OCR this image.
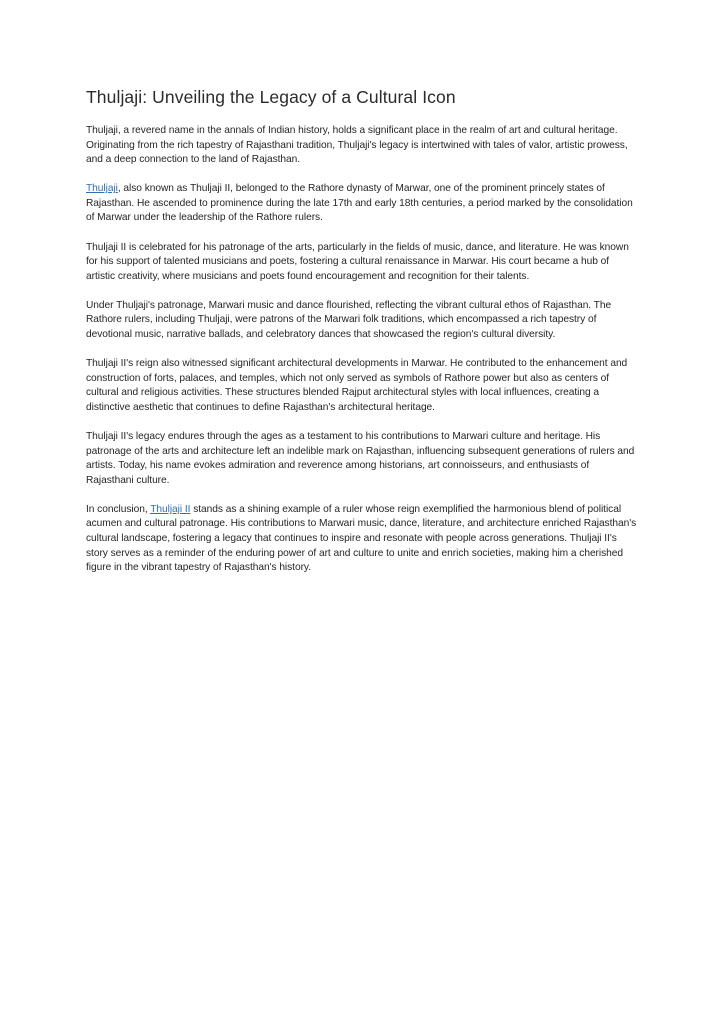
Thuljaji: Unveiling the Legacy of a Cultural Icon

Thuljaji, a revered name in the annals of Indian history, holds a significant place in the realm of art and cultural heritage. Originating from the rich tapestry of Rajasthani tradition, Thuljaji's legacy is intertwined with tales of valor, artistic prowess, and a deep connection to the land of Rajasthan.

Thuljaji, also known as Thuljaji II, belonged to the Rathore dynasty of Marwar, one of the prominent princely states of Rajasthan. He ascended to prominence during the late 17th and early 18th centuries, a period marked by the consolidation of Marwar under the leadership of the Rathore rulers.

Thuljaji II is celebrated for his patronage of the arts, particularly in the fields of music, dance, and literature. He was known for his support of talented musicians and poets, fostering a cultural renaissance in Marwar. His court became a hub of artistic creativity, where musicians and poets found encouragement and recognition for their talents.

Under Thuljaji's patronage, Marwari music and dance flourished, reflecting the vibrant cultural ethos of Rajasthan. The Rathore rulers, including Thuljaji, were patrons of the Marwari folk traditions, which encompassed a rich tapestry of devotional music, narrative ballads, and celebratory dances that showcased the region's cultural diversity.

Thuljaji II's reign also witnessed significant architectural developments in Marwar. He contributed to the enhancement and construction of forts, palaces, and temples, which not only served as symbols of Rathore power but also as centers of cultural and religious activities. These structures blended Rajput architectural styles with local influences, creating a distinctive aesthetic that continues to define Rajasthan's architectural heritage.

Thuljaji II's legacy endures through the ages as a testament to his contributions to Marwari culture and heritage. His patronage of the arts and architecture left an indelible mark on Rajasthan, influencing subsequent generations of rulers and artists. Today, his name evokes admiration and reverence among historians, art connoisseurs, and enthusiasts of Rajasthani culture.

In conclusion, Thuljaji II stands as a shining example of a ruler whose reign exemplified the harmonious blend of political acumen and cultural patronage. His contributions to Marwari music, dance, literature, and architecture enriched Rajasthan's cultural landscape, fostering a legacy that continues to inspire and resonate with people across generations. Thuljaji II's story serves as a reminder of the enduring power of art and culture to unite and enrich societies, making him a cherished figure in the vibrant tapestry of Rajasthan's history.
